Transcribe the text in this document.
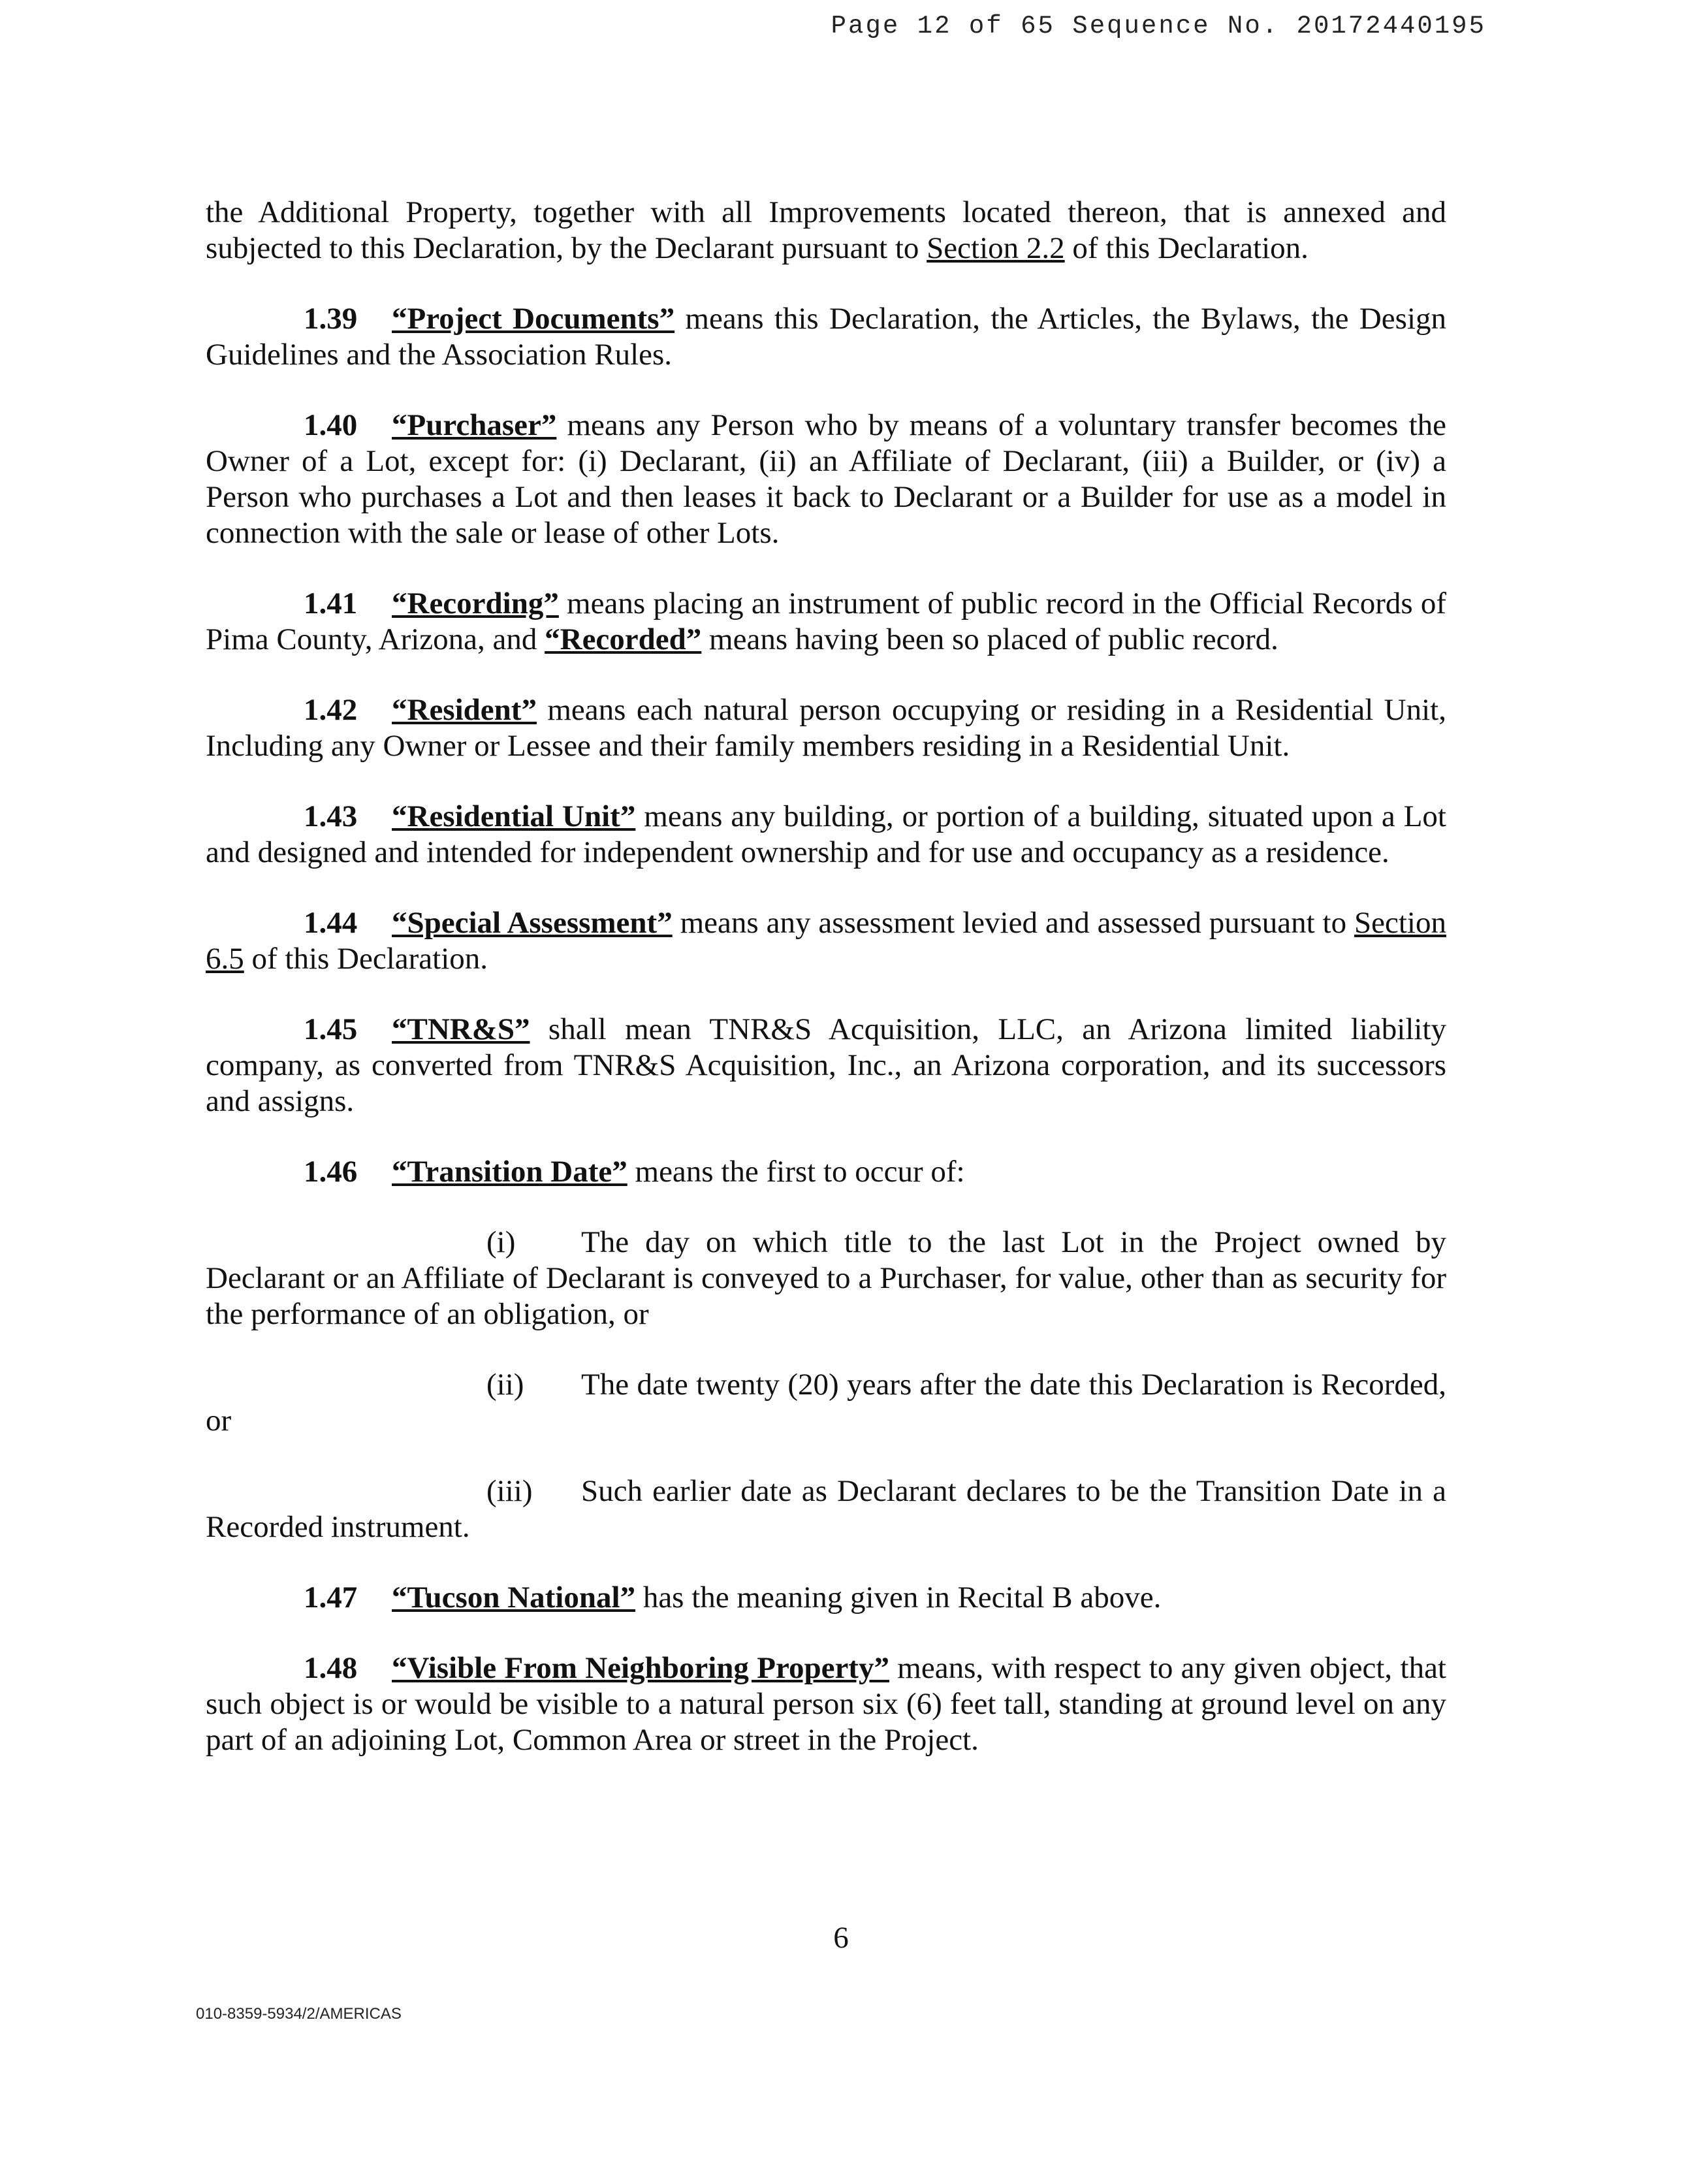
Page 12 of 65 Sequence No. 20172440195

the Additional Property, together with all Improvements located thereon, that is annexed and subjected to this Declaration, by the Declarant pursuant to Section 2.2 of this Declaration.

1.39 “Project Documents” means this Declaration, the Articles, the Bylaws, the Design Guidelines and the Association Rules.

1.40 “Purchaser” means any Person who by means of a voluntary transfer becomes the Owner of a Lot, except for: (i) Declarant, (ii) an Affiliate of Declarant, (iii) a Builder, or (iv) a Person who purchases a Lot and then leases it back to Declarant or a Builder for use as a model in connection with the sale or lease of other Lots.

1.41 “Recording” means placing an instrument of public record in the Official Records of Pima County, Arizona, and “Recorded” means having been so placed of public record.

1.42 “Resident” means each natural person occupying or residing in a Residential Unit, Including any Owner or Lessee and their family members residing in a Residential Unit.

1.43 “Residential Unit” means any building, or portion of a building, situated upon a Lot and designed and intended for independent ownership and for use and occupancy as a residence.

1.44 “Special Assessment” means any assessment levied and assessed pursuant to Section 6.5 of this Declaration.

1.45 “TNR&S” shall mean TNR&S Acquisition, LLC, an Arizona limited liability company, as converted from TNR&S Acquisition, Inc., an Arizona corporation, and its successors and assigns.

1.46 “Transition Date” means the first to occur of:

(i) The day on which title to the last Lot in the Project owned by Declarant or an Affiliate of Declarant is conveyed to a Purchaser, for value, other than as security for the performance of an obligation, or

(ii) The date twenty (20) years after the date this Declaration is Recorded, or

(iii) Such earlier date as Declarant declares to be the Transition Date in a Recorded instrument.

1.47 “Tucson National” has the meaning given in Recital B above.

1.48 “Visible From Neighboring Property” means, with respect to any given object, that such object is or would be visible to a natural person six (6) feet tall, standing at ground level on any part of an adjoining Lot, Common Area or street in the Project.

6
010-8359-5934/2/AMERICAS
